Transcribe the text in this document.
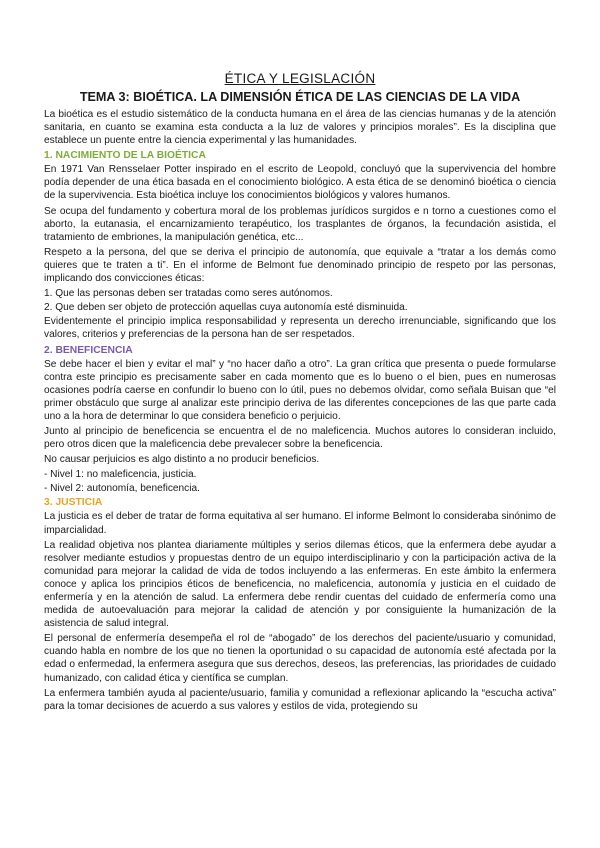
ÉTICA Y LEGISLACIÓN
TEMA 3: BIOÉTICA. LA DIMENSIÓN ÉTICA DE LAS CIENCIAS DE LA VIDA

La bioética es el estudio sistemático de la conducta humana en el área de las ciencias humanas y de la atención sanitaria, en cuanto se examina esta conducta a la luz de valores y principios morales”. Es la disciplina que establece un puente entre la ciencia experimental y las humanidades.

1. NACIMIENTO DE LA BIOÉTICA

En 1971 Van Rensselaer Potter inspirado en el escrito de Leopold, concluyó que la supervivencia del hombre podía depender de una ética basada en el conocimiento biológico. A esta ética de se denominó bioética o ciencia de la supervivencia. Esta bioética incluye los conocimientos biológicos y valores humanos.

Se ocupa del fundamento y cobertura moral de los problemas jurídicos surgidos e n torno a cuestiones como el aborto, la eutanasia, el encarnizamiento terapéutico, los trasplantes de órganos, la fecundación asistida, el tratamiento de embriones, la manipulación genética, etc...

Respeto a la persona, del que se deriva el principio de autonomía, que equivale a “tratar a los demás como quieres que te traten a ti”. En el informe de Belmont fue denominado principio de respeto por las personas, implicando dos convicciones éticas:

1. Que las personas deben ser tratadas como seres autónomos.
2. Que deben ser objeto de protección aquellas cuya autonomía esté disminuida.

Evidentemente el principio implica responsabilidad y representa un derecho irrenunciable, significando que los valores, criterios y preferencias de la persona han de ser respetados.

2. BENEFICENCIA

Se debe hacer el bien y evitar el mal” y “no hacer daño a otro”. La gran crítica que presenta o puede formularse contra este principio es precisamente saber en cada momento que es lo bueno o el bien, pues en numerosas ocasiones podría caerse en confundir lo bueno con lo útil, pues no debemos olvidar, como señala Buisan que “el primer obstáculo que surge al analizar este principio deriva de las diferentes concepciones de las que parte cada uno a la hora de determinar lo que considera beneficio o perjuicio.

Junto al principio de beneficencia se encuentra el de no maleficencia. Muchos autores lo consideran incluido, pero otros dicen que la maleficencia debe prevalecer sobre la beneficencia.

No causar perjuicios es algo distinto a no producir beneficios.

- Nivel 1: no maleficencia, justicia.
- Nivel 2: autonomía, beneficencia.
3. JUSTICIA

La justicia es el deber de tratar de forma equitativa al ser humano. El informe Belmont lo consideraba sinónimo de imparcialidad.

La realidad objetiva nos plantea diariamente múltiples y serios dilemas éticos, que la enfermera debe ayudar a resolver mediante estudios y propuestas dentro de un equipo interdisciplinario y con la participación activa de la comunidad para mejorar la calidad de vida de todos incluyendo a las enfermeras. En este ámbito la enfermera conoce y aplica los principios éticos de beneficencia, no maleficencia, autonomía y justicia en el cuidado de enfermería y en la atención de salud. La enfermera debe rendir cuentas del cuidado de enfermería como una medida de autoevaluación para mejorar la calidad de atención y por consiguiente la humanización de la asistencia de salud integral.

El personal de enfermería desempeña el rol de “abogado” de los derechos del paciente/usuario y comunidad, cuando habla en nombre de los que no tienen la oportunidad o su capacidad de autonomía esté afectada por la edad o enfermedad, la enfermera asegura que sus derechos, deseos, las preferencias, las prioridades de cuidado humanizado, con calidad ética y científica se cumplan.

La enfermera también ayuda al paciente/usuario, familia y comunidad a reflexionar aplicando la “escucha activa” para la tomar decisiones de acuerdo a sus valores y estilos de vida, protegiendo su
